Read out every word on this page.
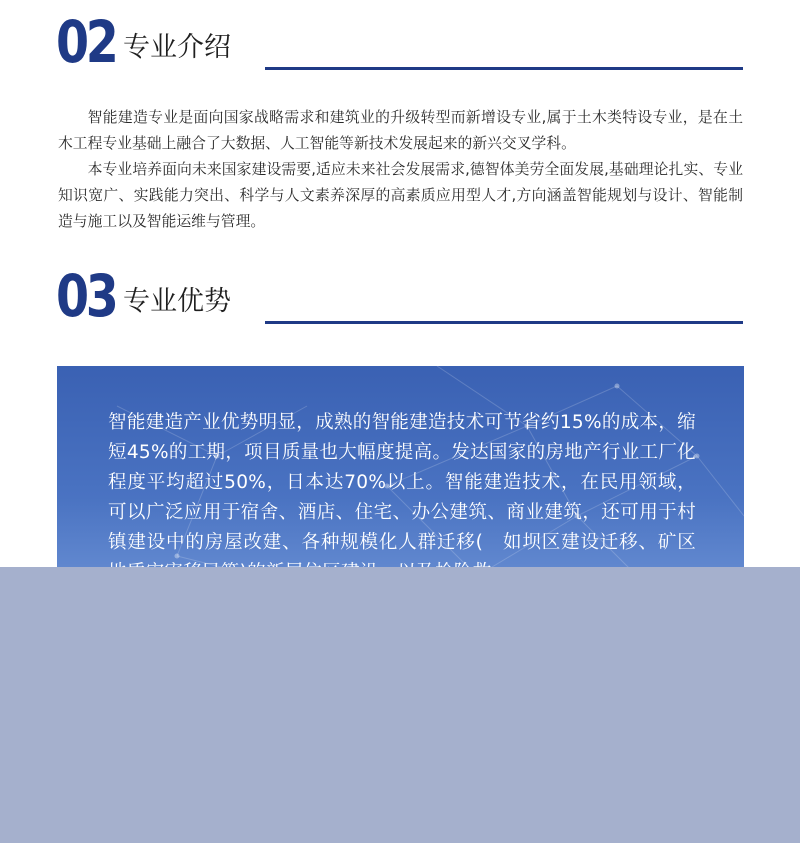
02 专业介绍

智能建造专业是面向国家战略需求和建筑业的升级转型而新增设专业,属于土木类特设专业，是在土木工程专业基础上融合了大数据、人工智能等新技术发展起来的新兴交叉学科。

本专业培养面向未来国家建设需要,适应未来社会发展需求,德智体美劳全面发展,基础理论扎实、专业知识宽广、实践能力突出、科学与人文素养深厚的高素质应用型人才,方向涵盖智能规划与设计、智能制造与施工以及智能运维与管理。

03 专业优势
智能建造产业优势明显，成熟的智能建造技术可节省约15%的成本，缩短45%的工期，项目质量也大幅度提高。发达国家的房地产行业工厂化程度平均超过50%，日本达70%以上。智能建造技术，在民用领域，可以广泛应用于宿舍、酒店、住宅、办公建筑、商业建筑，还可用于村镇建设中的房屋改建、各种规模化人群迁移(　如坝区建设迁移、矿区
